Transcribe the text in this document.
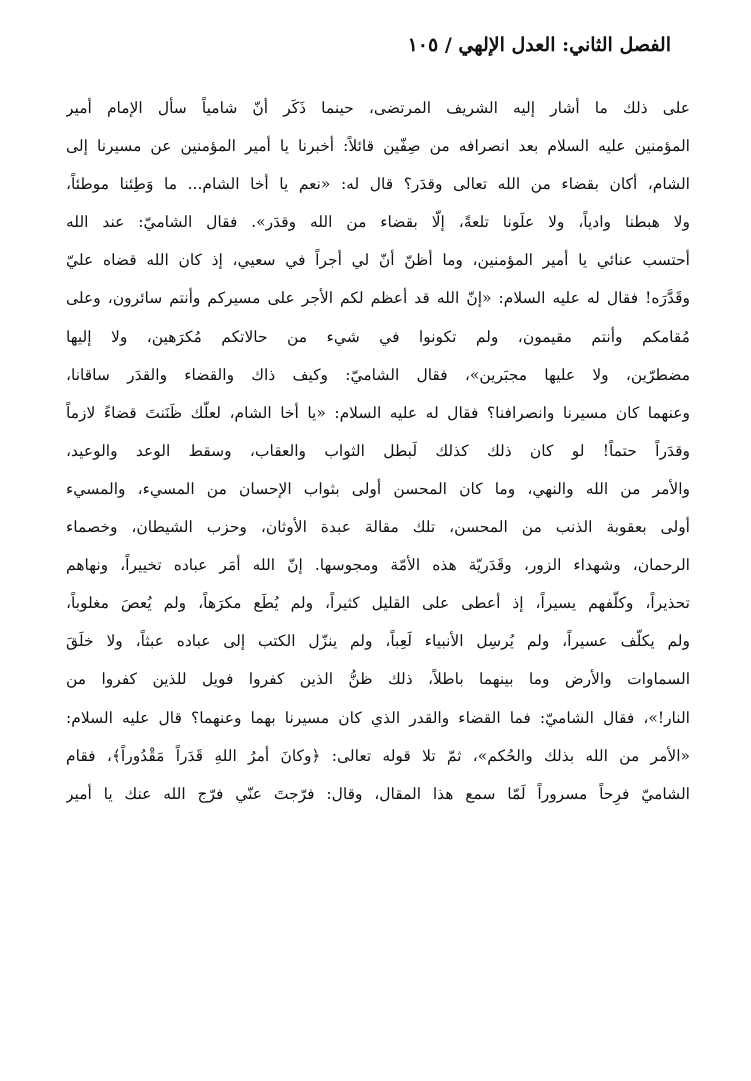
الفصل الثاني: العدل الإلهي / ١٠٥
على ذلك ما أشار إليه الشريف المرتضى، حينما ذَكَر أنّ شامياً سأل الإمام أمير
المؤمنين عليه السلام بعد انصرافه من صِفّين قائلاً: أخبرنا يا أمير المؤمنين عن مسيرنا إلى
الشام، أكان بقضاء من الله تعالى وقدَر؟ قال له: «نعم يا أخا الشام... ما وَطِئنا موطئاً،
ولا هبطنا وادياً، ولا علَونا تلعةً، إلّا بقضاء من الله وقدَر». فقال الشاميّ: عند الله
أحتسب عنائي يا أمير المؤمنين، وما أظنّ أنّ لي أجراً في سعيي، إذ كان الله قضاه عليّ
وقَدَّرَه! فقال له عليه السلام: «إنّ الله قد أعظم لكم الأجر على مسيركم وأنتم سائرون، وعلى
مُقامكم وأنتم مقيمون، ولم تكونوا في شيء من حالاتكم مُكرَهين، ولا إليها
مضطرّين، ولا عليها مجبَرين»، فقال الشاميّ: وكيف ذاك والقضاء والقدَر ساقانا،
وعنهما كان مسيرنا وانصرافنا؟ فقال له عليه السلام: «يا أخا الشام، لعلّك ظَنَنتَ قضاءً لازماً
وقدَراً حتماً! لو كان ذلك كذلك لَبطل الثواب والعقاب، وسقط الوعد والوعيد،
والأمر من الله والنهي، وما كان المحسن أولى بثواب الإحسان من المسيء، والمسيء
أولى بعقوبة الذنب من المحسن، تلك مقالة عبدة الأوثان، وحزب الشيطان، وخصماء
الرحمان، وشهداء الزور، وقَدَريّة هذه الأمّة ومجوسها. إنّ الله أمَر عباده تخييراً، ونهاهم
تحذيراً، وكلّفهم يسيراً، إذ أعطى على القليل كثيراً، ولم يُطَع مكرَهاً، ولم يُعصَ مغلوباً،
ولم يكلّف عسيراً، ولم يُرسِل الأنبياء لَعِباً، ولم ينزّل الكتب إلى عباده عبثاً، ولا خلَقَ
السماوات والأرض وما بينهما باطلاً، ذلك ظنُّ الذين كفروا فويل للذين كفروا من
النار!»، فقال الشاميّ: فما القضاء والقدر الذي كان مسيرنا بهما وعنهما؟ قال عليه السلام:
«الأمر من الله بذلك والحُكم»، ثمّ تلا قوله تعالى: ﴿وكانَ أمرُ اللهِ قَدَراً مَقْدُوراً﴾، فقام
الشاميّ فرِحاً مسروراً لَمّا سمع هذا المقال، وقال: فرّجتَ عنّي فرّج الله عنك يا أمير
